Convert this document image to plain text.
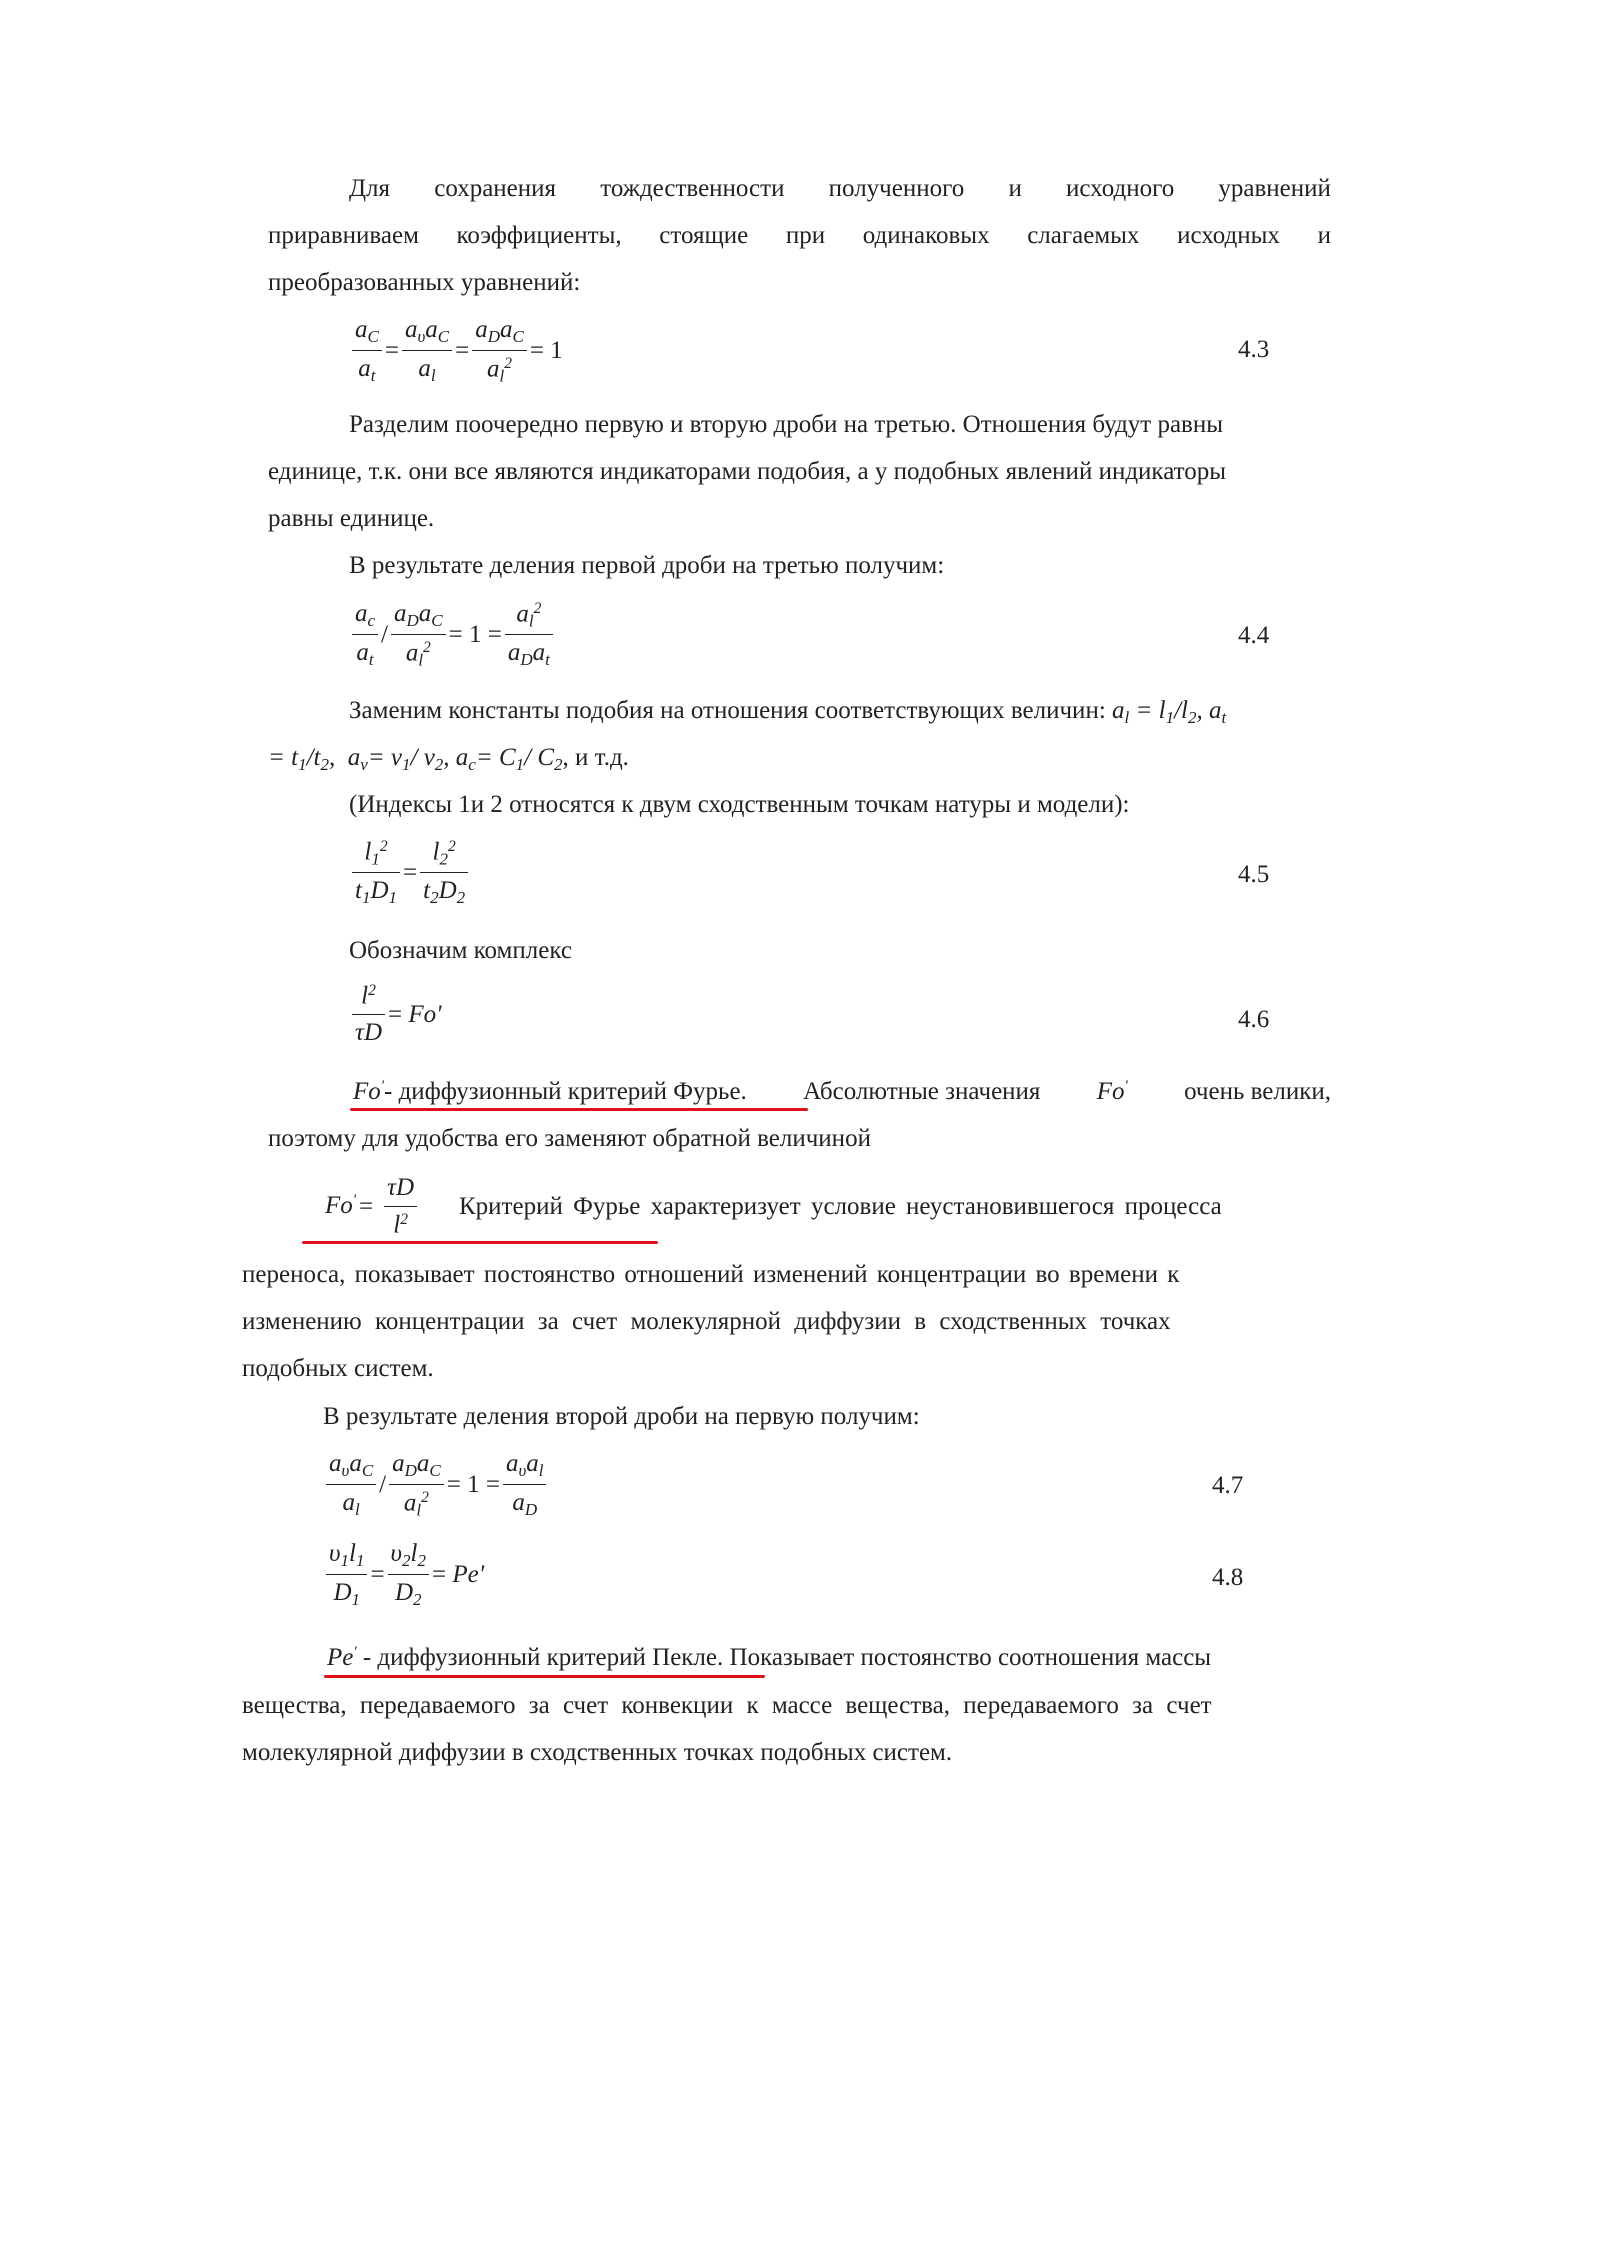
Для сохранения тождественности полученного и исходного уравнений
приравниваем коэффициенты, стоящие при одинаковых слагаемых исходных и
преобразованных уравнений:
$\frac{a_C}{a_t} = \frac{a_\upsilon a_C}{a_l} = \frac{a_Da_C}{a_l^2} = 1$	4.3
Разделим поочередно первую и вторую дроби на третью. Отношения будут равны
единице, т.к. они все являются индикаторами подобия, а у подобных явлений индикаторы
равны единице.
В результате деления первой дроби на третью получим:
$\frac{a_c}{a_t} / \frac{a_Da_C}{a_l^2} = 1 = \frac{a_l^2}{a_Da_t}$	4.4
Заменим константы подобия на отношения соответствующих величин: $a_l = l_1/l_2$, $a_t$
= $t_1/t_2$,  $a_v= v_1/$ $v_2$, $a_c= C_1/$ $C_2$, и т.д.
(Индексы 1и 2 относятся к двум сходственным точкам натуры и модели):
$\frac{l_1^2}{t_1D_1} = \frac{l_2^2}{t_2D_2}$	4.5
Обозначим комплекс
$\frac{l^2}{\tau D} = Fo'$	4.6
Fo'- диффузионный критерий Фурье. Абсолютные значения Fo' очень велики,
поэтому для удобства его заменяют обратной величиной
$Fo' = \frac{\tau D}{l^2}$ Критерий Фурье характеризует условие неустановившегося процесса
переноса, показывает постоянство отношений изменений концентрации во времени к
изменению концентрации за счет молекулярной диффузии в сходственных точках
подобных систем.
В результате деления второй дроби на первую получим:
$\frac{a_\upsilon a_C}{a_l} / \frac{a_Da_C}{a_l^2} = 1 = \frac{a_\upsilon a_l}{a_D}$	4.7
$\frac{\upsilon_1l_1}{D_1} = \frac{\upsilon_2l_2}{D_2} = Pe'$	4.8
Pe' - диффузионный критерий Пекле. Показывает постоянство соотношения массы
вещества, передаваемого за счет конвекции к массе вещества, передаваемого за счет
молекулярной диффузии в сходственных точках подобных систем.
